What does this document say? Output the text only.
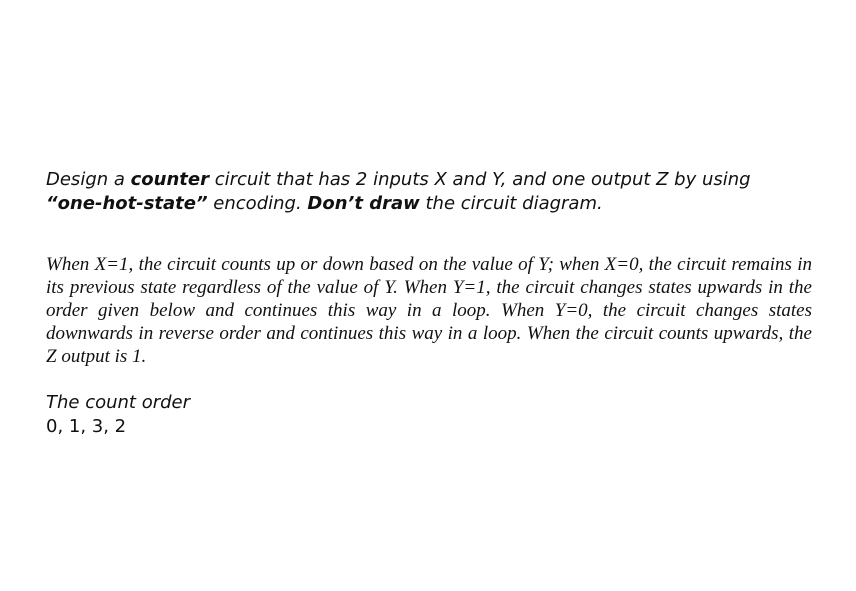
Design a counter circuit that has 2 inputs X and Y, and one output Z by using “one-hot-state” encoding. Don’t draw the circuit diagram.

When X=1, the circuit counts up or down based on the value of Y; when X=0, the circuit remains in its previous state regardless of the value of Y. When Y=1, the circuit changes states upwards in the order given below and continues this way in a loop. When Y=0, the circuit changes states downwards in reverse order and continues this way in a loop. When the circuit counts upwards, the Z output is 1.

The count order

0, 1, 3, 2
